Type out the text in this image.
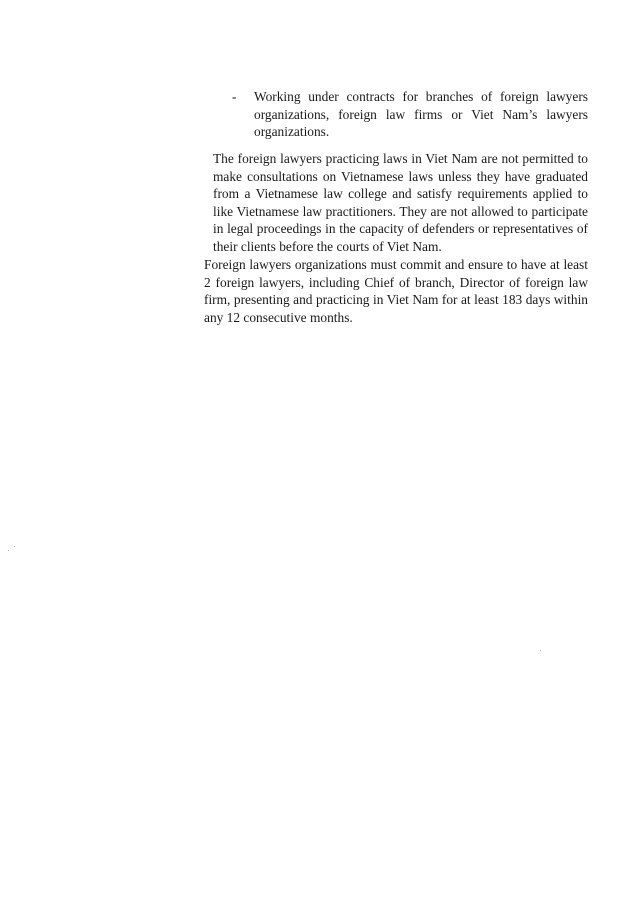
-	Working under contracts for branches of foreign lawyers organizations, foreign law firms or Viet Nam’s lawyers organizations.

The foreign lawyers practicing laws in Viet Nam are not permitted to make consultations on Vietnamese laws unless they have graduated from a Vietnamese law college and satisfy requirements applied to like Vietnamese law practitioners. They are not allowed to participate in legal proceedings in the capacity of defenders or representatives of their clients before the courts of Viet Nam.

Foreign lawyers organizations must commit and ensure to have at least 2 foreign lawyers, including Chief of branch, Director of foreign law firm, presenting and practicing in Viet Nam for at least 183 days within any 12 consecutive months.
